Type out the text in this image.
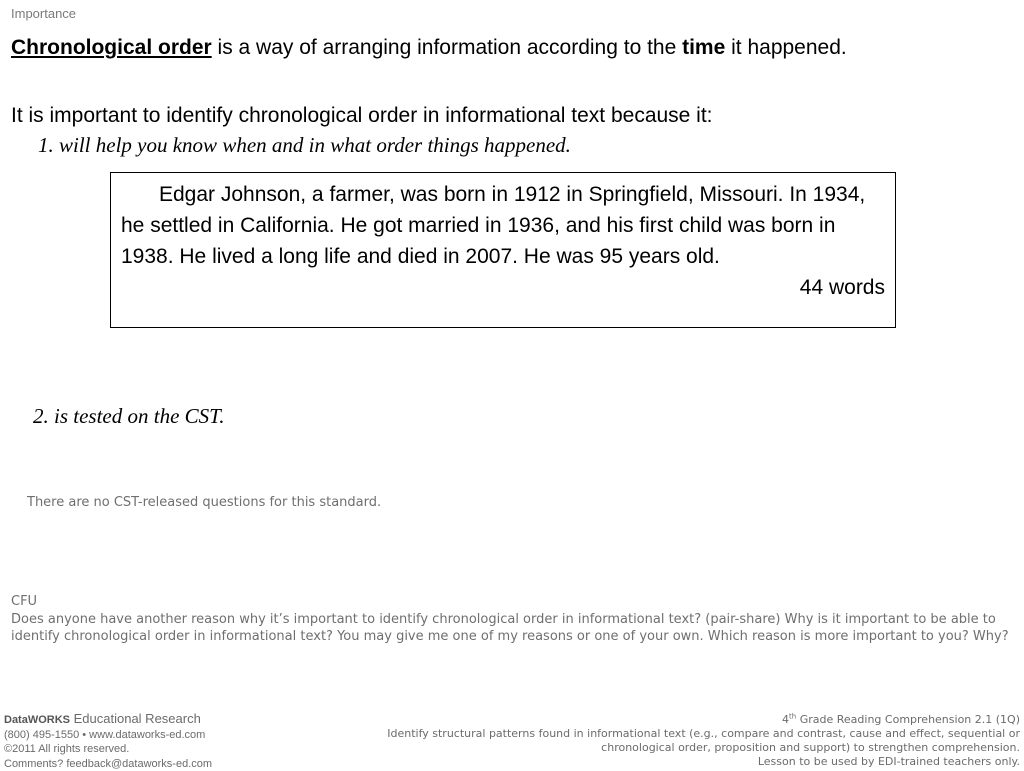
Importance
Chronological order is a way of arranging information according to the time it happened.
It is important to identify chronological order in informational text because it:
1. will help you know when and in what order things happened.

Edgar Johnson, a farmer, was born in 1912 in Springfield, Missouri. In 1934, he settled in California. He got married in 1936, and his first child was born in 1938. He lived a long life and died in 2007. He was 95 years old.

44 words

2. is tested on the CST.
There are no CST-released questions for this standard.
CFU
Does anyone have another reason why it’s important to identify chronological order in informational text? (pair-share) Why is it important to be able to identify chronological order in informational text? You may give me one of my reasons or one of your own. Which reason is more important to you? Why?
DataWORKS Educational Research
(800) 495-1550 • www.dataworks-ed.com
©2011 All rights reserved.
Comments? feedback@dataworks-ed.com
4th Grade Reading Comprehension 2.1 (1Q)
Identify structural patterns found in informational text (e.g., compare and contrast, cause and effect, sequential or chronological order, proposition and support) to strengthen comprehension.
Lesson to be used by EDI-trained teachers only.
